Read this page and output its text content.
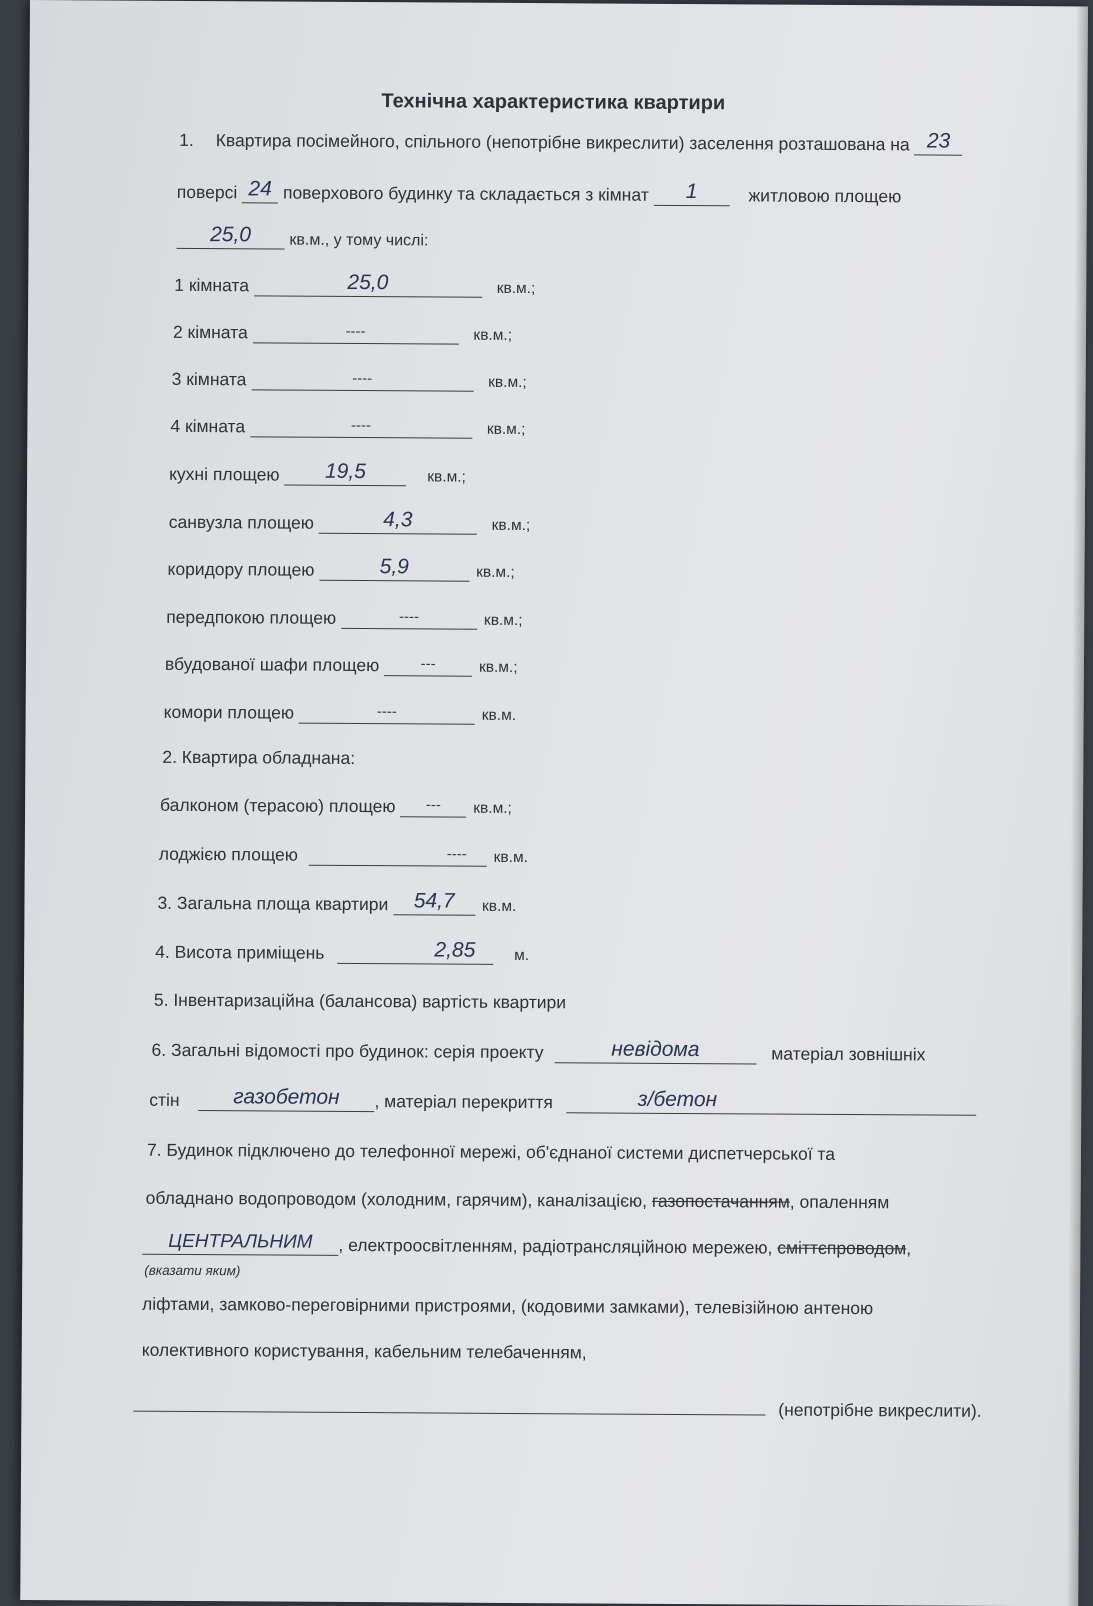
Технічна характеристика квартири
1. Квартира посімейного, спільного (непотрібне викреслити) заселення розташована на 23
поверсі 24 поверхового будинку та складається з кімнат 1	житловою площею
25,0 кв.м., у тому числі:
1 кімната	25,0	кв.м.;
2 кімната	----	кв.м.;
3 кімната	----	кв.м.;
4 кімната	----	кв.м.;
кухні площею 19,5	кв.м.;
санвузла площею	4,3	кв.м.;
коридору площею	5,9	кв.м.;
передпокою площею	----	кв.м.;
вбудованої шафи площею	---	кв.м.;
комори площею	----	кв.м.
2. Квартира обладнана:
балконом (терасою) площею --- кв.м.;
лоджією площею	---- кв.м.
3. Загальна площа квартири 54,7 кв.м.
4. Висота приміщень	2,85 м.
5. Інвентаризаційна (балансова) вартість квартири
6. Загальні відомості про будинок: серія проекту	невідома	матеріал зовнішніх
стін	газобетон , матеріал перекриття	з/бетон
7. Будинок підключено до телефонної мережі, об'єднаної системи диспетчерської та
обладнано водопроводом (холодним, гарячим), каналізацією, газопостачанням, опаленням
ЦЕНТРАЛЬНИМ , електроосвітленням, радіотрансляційною мережею, сміттєпроводом,
(вказати яким)
ліфтами, замково-переговірними пристроями, (кодовими замками), телевізійною антеною
колективного користування, кабельним телебаченням,
(непотрібне викреслити).
